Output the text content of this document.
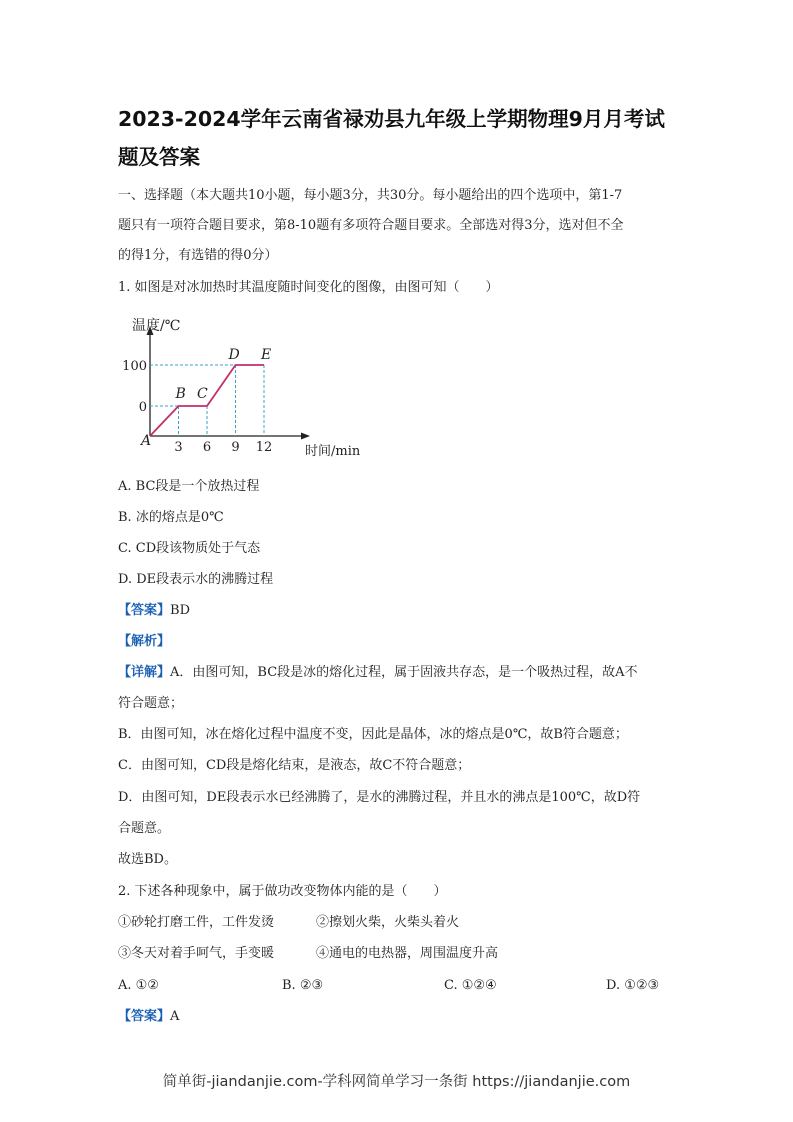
2023-2024学年云南省禄劝县九年级上学期物理9月月考试题及答案
一、选择题（本大题共10小题，每小题3分，共30分。每小题给出的四个选项中，第1-7
题只有一项符合题目要求，第8-10题有多项符合题目要求。全部选对得3分，选对但不全
的得1分，有选错的得0分）
1. 如图是对冰加热时其温度随时间变化的图像，由图可知（　　）
温度/℃
时间/min
A
B C
D E
3 6 9 12
0
100
A. BC段是一个放热过程
B. 冰的熔点是0℃
C. CD段该物质处于气态
D. DE段表示水的沸腾过程
【答案】BD
【解析】
【详解】A．由图可知，BC段是冰的熔化过程，属于固液共存态，是一个吸热过程，故A不
符合题意；
B．由图可知，冰在熔化过程中温度不变，因此是晶体，冰的熔点是0℃，故B符合题意；
C．由图可知，CD段是熔化结束，是液态，故C不符合题意；
D．由图可知，DE段表示水已经沸腾了，是水的沸腾过程，并且水的沸点是100℃，故D符
合题意。
故选BD。
2. 下述各种现象中，属于做功改变物体内能的是（　　）
①砂轮打磨工件，工件发烫	②擦划火柴，火柴头着火
③冬天对着手呵气，手变暖	④通电的电热器，周围温度升高
A. ①②	B. ②③	C. ①②④	D. ①②③
【答案】A
简单街-jiandanjie.com-学科网简单学习一条街 https://jiandanjie.com
